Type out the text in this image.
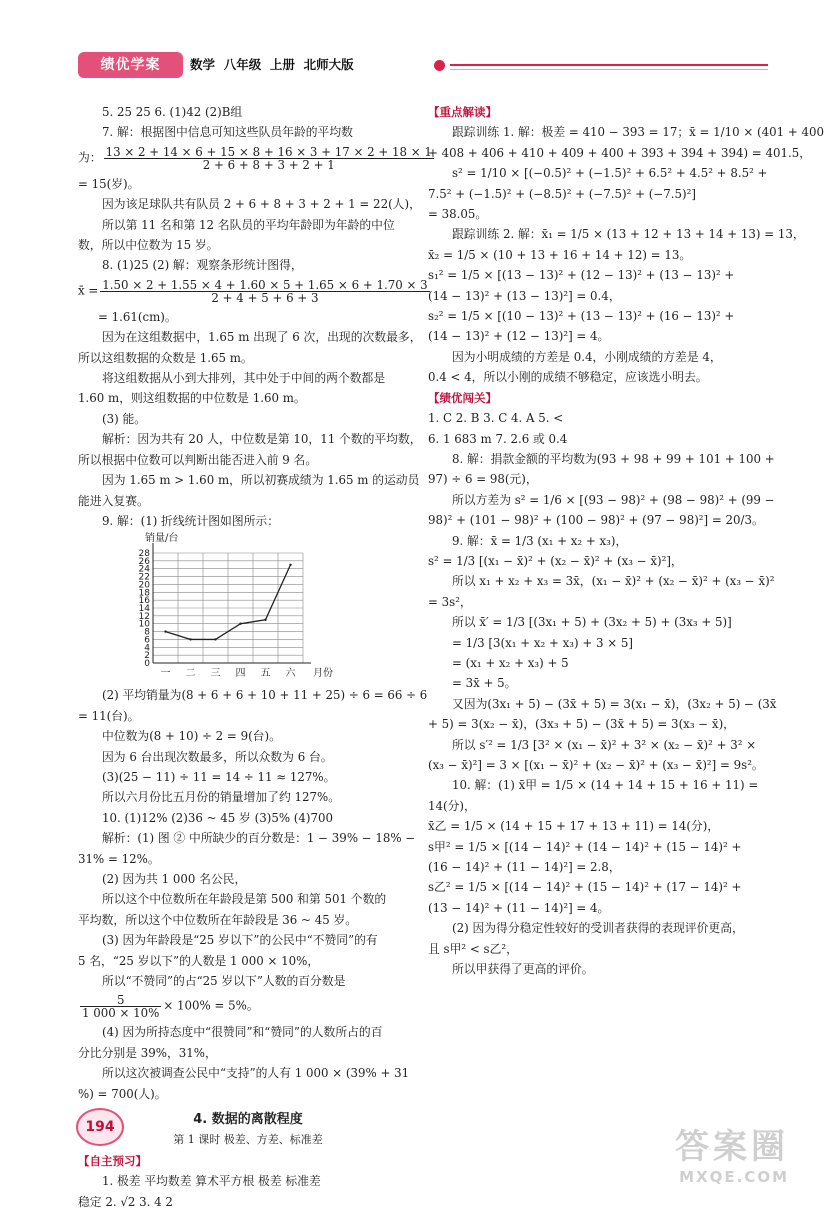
绩优学案	数学  八年级  上册  北师大版
5. 25 25 6. (1)42 (2)B组
7. 解：根据图中信息可知这些队员年龄的平均数
为： $\frac{13 \times 2 + 14 \times 6 + 15 \times 8 + 16 \times 3 + 17 \times 2 + 18 \times 1}{2 + 6 + 8 + 3 + 2 + 1}$
= 15(岁)。
因为该足球队共有队员 2 + 6 + 8 + 3 + 2 + 1 = 22(人)，
所以第 11 名和第 12 名队员的平均年龄即为年龄的中位
数，所以中位数为 15 岁。
8. (1)25 (2) 解：观察条形统计图得，
x̄ = $\frac{1.50 \times 2 + 1.55 \times 4 + 1.60 \times 5 + 1.65 \times 6 + 1.70 \times 3}{2 + 4 + 5 + 6 + 3}$
= 1.61(cm)。
因为在这组数据中，1.65 m 出现了 6 次，出现的次数最多，
所以这组数据的众数是 1.65 m。
将这组数据从小到大排列，其中处于中间的两个数都是
1.60 m，则这组数据的中位数是 1.60 m。
(3) 能。
解析：因为共有 20 人，中位数是第 10，11 个数的平均数，
所以根据中位数可以判断出能否进入前 9 名。
因为 1.65 m > 1.60 m，所以初赛成绩为 1.65 m 的运动员
能进入复赛。
9. 解：(1) 折线统计图如图所示：
0
2
4
6
8
10
12
14
16
18
20
22
24
26
28
一 二 三 四 五 六
销量/台
月份
(2) 平均销量为(8 + 6 + 6 + 10 + 11 + 25) ÷ 6 = 66 ÷ 6
= 11(台)。
中位数为(8 + 10) ÷ 2 = 9(台)。
因为 6 台出现次数最多，所以众数为 6 台。
(3)(25 − 11) ÷ 11 = 14 ÷ 11 ≈ 127%。
所以六月份比五月份的销量增加了约 127%。
10. (1)12% (2)36 ~ 45 岁 (3)5% (4)700
解析：(1) 图 ② 中所缺少的百分数是：1 − 39% − 18% −
31% = 12%。
(2) 因为共 1 000 名公民，
所以这个中位数所在年龄段是第 500 和第 501 个数的
平均数，所以这个中位数所在年龄段是 36 ~ 45 岁。
(3) 因为年龄段是“25 岁以下”的公民中“不赞同”的有
5 名，“25 岁以下”的人数是 1 000 × 10%，
所以“不赞同”的占“25 岁以下”人数的百分数是
$\frac{5}{1 000 \times 10\%} \times 100\% = 5\%$。
(4) 因为所持态度中“很赞同”和“赞同”的人数所占的百
分比分别是 39%，31%，
所以这次被调查公民中“支持”的人有 1 000 × (39% + 31
%) = 700(人)。
4. 数据的离散程度
第 1 课时 极差、方差、标准差
【自主预习】
1. 极差 平均数差 算术平方根 极差 标准差
稳定 2. √2 3. 4 2
【重点解读】
跟踪训练 1. 解：极差 = 410 − 393 = 17；x̄ = 1/10 × (401 + 400
+ 408 + 406 + 410 + 409 + 400 + 393 + 394 + 394) = 401.5，
s² = 1/10 × [(−0.5)² + (−1.5)² + 6.5² + 4.5² + 8.5² +
7.5² + (−1.5)² + (−8.5)² + (−7.5)² + (−7.5)²]
= 38.05。
跟踪训练 2. 解：x̄₁ = 1/5 × (13 + 12 + 13 + 14 + 13) = 13，
x̄₂ = 1/5 × (10 + 13 + 16 + 14 + 12) = 13。
s₁² = 1/5 × [(13 − 13)² + (12 − 13)² + (13 − 13)² +
(14 − 13)² + (13 − 13)²] = 0.4，
s₂² = 1/5 × [(10 − 13)² + (13 − 13)² + (16 − 13)² +
(14 − 13)² + (12 − 13)²] = 4。
因为小明成绩的方差是 0.4，小刚成绩的方差是 4，
0.4 < 4，所以小刚的成绩不够稳定，应该选小明去。
【绩优闯关】
1. C 2. B 3. C 4. A 5. <
6. 1 683 m 7. 2.6 或 0.4
8. 解：捐款金额的平均数为(93 + 98 + 99 + 101 + 100 +
97) ÷ 6 = 98(元)，
所以方差为 s² = 1/6 × [(93 − 98)² + (98 − 98)² + (99 −
98)² + (101 − 98)² + (100 − 98)² + (97 − 98)²] = 20/3。
9. 解：x̄ = 1/3 (x₁ + x₂ + x₃)，
s² = 1/3 [(x₁ − x̄)² + (x₂ − x̄)² + (x₃ − x̄)²]，
所以 x₁ + x₂ + x₃ = 3x̄，(x₁ − x̄)² + (x₂ − x̄)² + (x₃ − x̄)²
= 3s²，
所以 x̄′ = 1/3 [(3x₁ + 5) + (3x₂ + 5) + (3x₃ + 5)]
= 1/3 [3(x₁ + x₂ + x₃) + 3 × 5]
= (x₁ + x₂ + x₃) + 5
= 3x̄ + 5。
又因为(3x₁ + 5) − (3x̄ + 5) = 3(x₁ − x̄)，(3x₂ + 5) − (3x̄
+ 5) = 3(x₂ − x̄)，(3x₃ + 5) − (3x̄ + 5) = 3(x₃ − x̄)，
所以 s′² = 1/3 [3² × (x₁ − x̄)² + 3² × (x₂ − x̄)² + 3² ×
(x₃ − x̄)²] = 3 × [(x₁ − x̄)² + (x₂ − x̄)² + (x₃ − x̄)²] = 9s²。
10. 解：(1) x̄甲 = 1/5 × (14 + 14 + 15 + 16 + 11) =
14(分)，
x̄乙 = 1/5 × (14 + 15 + 17 + 13 + 11) = 14(分)，
s甲² = 1/5 × [(14 − 14)² + (14 − 14)² + (15 − 14)² +
(16 − 14)² + (11 − 14)²] = 2.8，
s乙² = 1/5 × [(14 − 14)² + (15 − 14)² + (17 − 14)² +
(13 − 14)² + (11 − 14)²] = 4。
(2) 因为得分稳定性较好的受训者获得的表现评价更高，
且 s甲² < s乙²，
所以甲获得了更高的评价。
194	答案圈
MXQE.COM
